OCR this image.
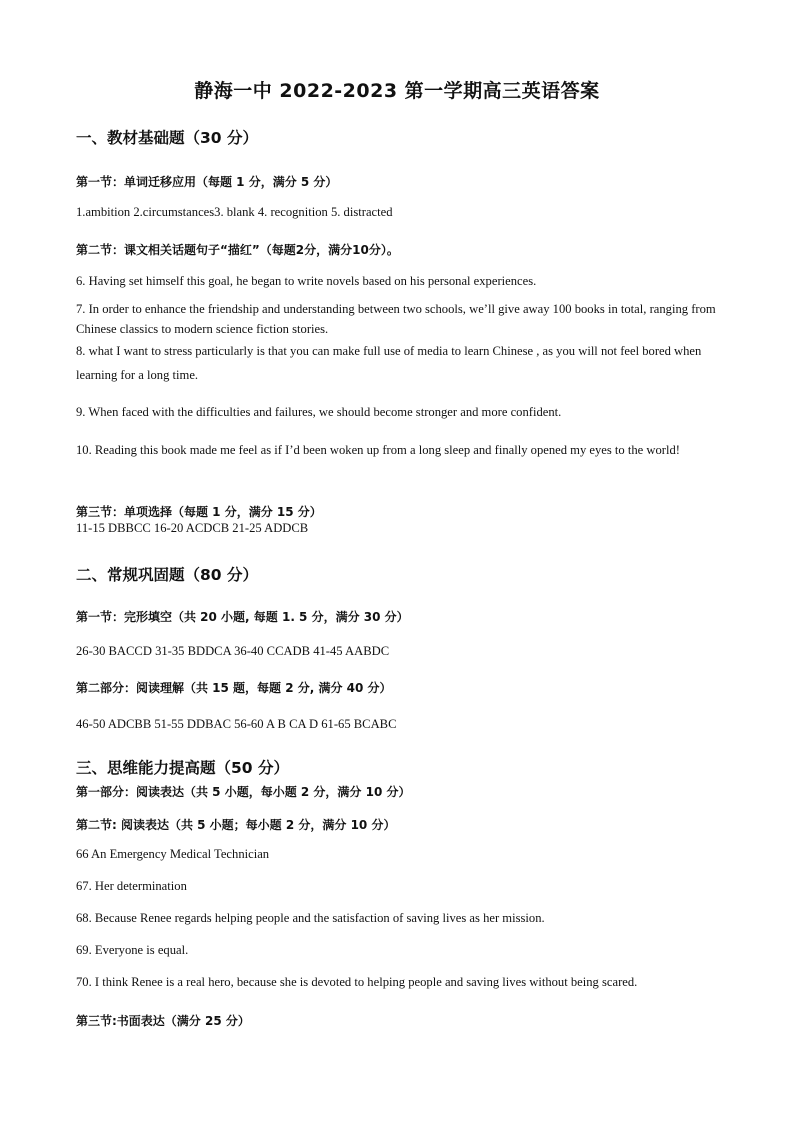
静海一中 2022-2023 第一学期高三英语答案
一、教材基础题（30 分）
第一节：单词迁移应用（每题 1 分，满分 5 分）
1.ambition 2.circumstances3. blank 4. recognition 5. distracted
第二节：课文相关话题句子“描红”（每题2分，满分10分）。
6. Having set himself this goal, he began to write novels based on his personal experiences.
7. In order to enhance the friendship and understanding between two schools, we’ll give away 100 books in total, ranging from Chinese classics to modern science fiction stories.
8. what I want to stress particularly is that you can make full use of media to learn Chinese , as you will not feel bored when learning for a long time.
9. When faced with the difficulties and failures, we should become stronger and more confident.
10. Reading this book made me feel as if I’d been woken up from a long sleep and finally opened my eyes to the world!
第三节：单项选择（每题 1 分，满分 15 分）
11-15 DBBCC 16-20 ACDCB 21-25 ADDCB
二、常规巩固题（80 分）
第一节：完形填空（共 20 小题, 每题 1. 5 分，满分 30 分）
26-30 BACCD 31-35 BDDCA 36-40 CCADB 41-45 AABDC
第二部分：阅读理解（共 15 题，每题 2 分, 满分 40 分）
46-50 ADCBB 51-55 DDBAC 56-60 A B CA D 61-65 BCABC
三、思维能力提高题（50 分）
第一部分：阅读表达（共 5 小题，每小题 2 分，满分 10 分）
第二节: 阅读表达（共 5 小题；每小题 2 分，满分 10 分）
66 An Emergency Medical Technician
67. Her determination
68. Because Renee regards helping people and the satisfaction of saving lives as her mission.
69. Everyone is equal.
70. I think Renee is a real hero, because she is devoted to helping people and saving lives without being scared.
第三节:书面表达（满分 25 分）
